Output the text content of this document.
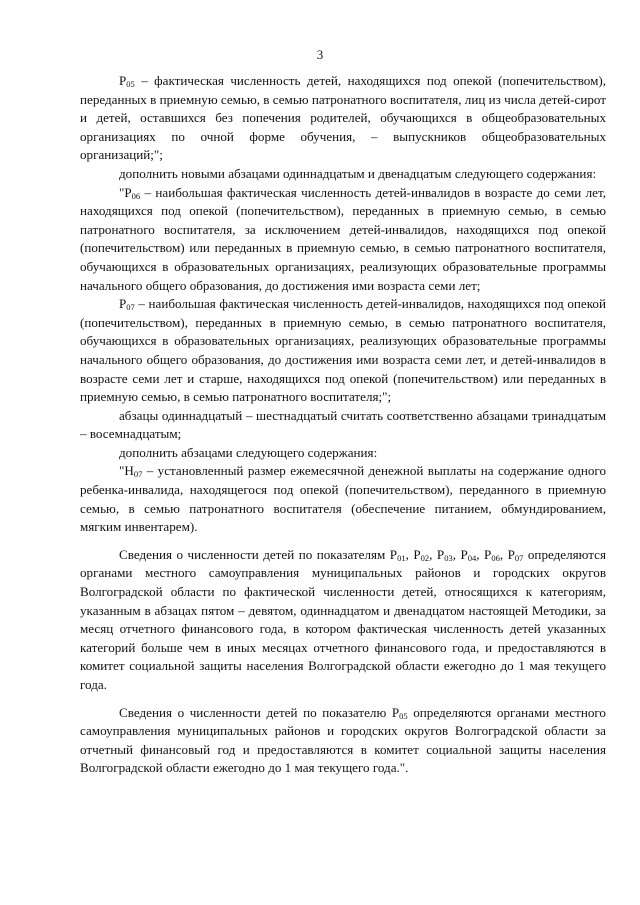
3

$P_{05}$ – фактическая численность детей, находящихся под опекой (попечительством), переданных в приемную семью, в семью патронатного воспитателя, лиц из числа детей-сирот и детей, оставшихся без попечения родителей, обучающихся в общеобразовательных организациях по очной форме обучения, – выпускников общеобразовательных организаций;";

дополнить новыми абзацами одиннадцатым и двенадцатым следующего содержания:

"$P_{06}$ – наибольшая фактическая численность детей-инвалидов в возрасте до семи лет, находящихся под опекой (попечительством), переданных в приемную семью, в семью патронатного воспитателя, за исключением детей-инвалидов, находящихся под опекой (попечительством) или переданных в приемную семью, в семью патронатного воспитателя, обучающихся в образовательных организациях, реализующих образовательные программы начального общего образования, до достижения ими возраста семи лет;

$P_{07}$ – наибольшая фактическая численность детей-инвалидов, находящихся под опекой (попечительством), переданных в приемную семью, в семью патронатного воспитателя, обучающихся в образовательных организациях, реализующих образовательные программы начального общего образования, до достижения ими возраста семи лет, и детей-инвалидов в возрасте семи лет и старше, находящихся под опекой (попечительством) или переданных в приемную семью, в семью патронатного воспитателя;";

абзацы одиннадцатый – шестнадцатый считать соответственно абзацами тринадцатым – восемнадцатым;

дополнить абзацами следующего содержания:

"$H_{07}$ – установленный размер ежемесячной денежной выплаты на содержание одного ребенка-инвалида, находящегося под опекой (попечительством), переданного в приемную семью, в семью патронатного воспитателя (обеспечение питанием, обмундированием, мягким инвентарем).

Сведения о численности детей по показателям $P_{01}$, $P_{02}$, $P_{03}$, $P_{04}$, $P_{06}$, $P_{07}$ определяются органами местного самоуправления муниципальных районов и городских округов Волгоградской области по фактической численности детей, относящихся к категориям, указанным в абзацах пятом – девятом, одиннадцатом и двенадцатом настоящей Методики, за месяц отчетного финансового года, в котором фактическая численность детей указанных категорий больше чем в иных месяцах отчетного финансового года, и предоставляются в комитет социальной защиты населения Волгоградской области ежегодно до 1 мая текущего года.

Сведения о численности детей по показателю $P_{05}$ определяются органами местного самоуправления муниципальных районов и городских округов Волгоградской области за отчетный финансовый год и предоставляются в комитет социальной защиты населения Волгоградской области ежегодно до 1 мая текущего года.".
